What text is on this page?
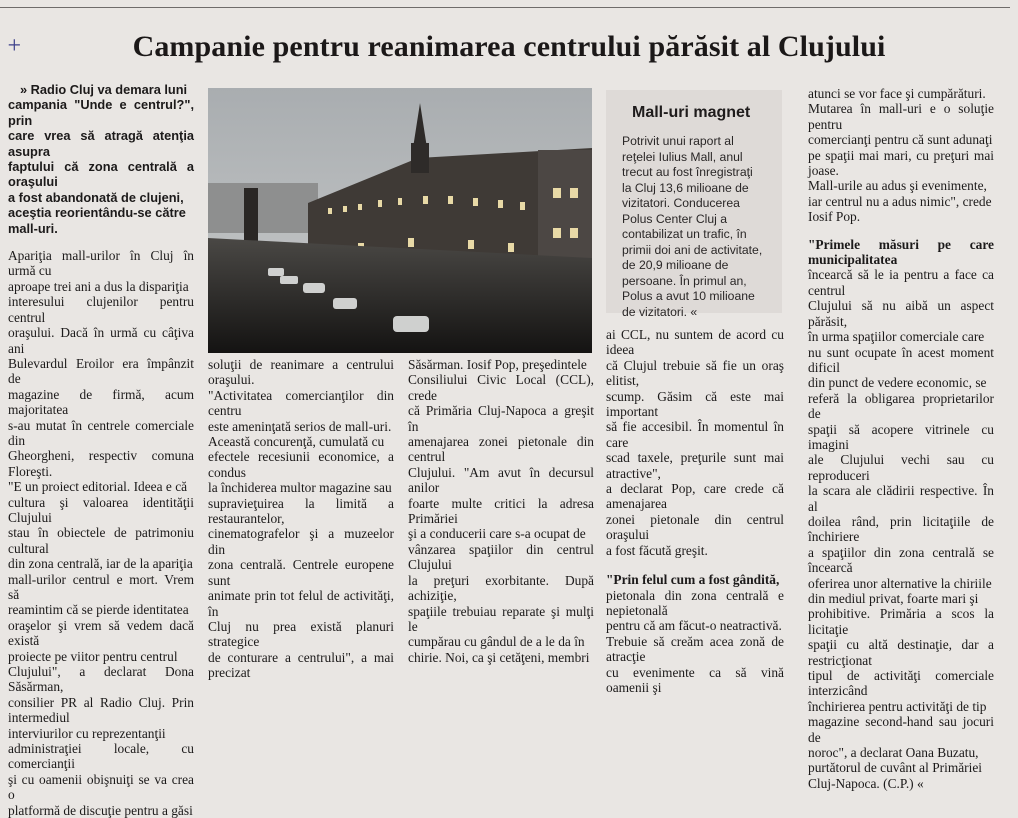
+	Campanie pentru reanimarea centrului părăsit al Clujului
» Radio Cluj va demara luni
campania "Unde e centrul?", prin
care vrea să atragă atenţia asupra
faptului că zona centrală a oraşului
a fost abandonată de clujeni,
aceştia reorientându-se către
mall-uri.
Apariţia mall-urilor în Cluj în urmă cu
aproape trei ani a dus la dispariţia
interesului clujenilor pentru centrul
oraşului. Dacă în urmă cu câţiva ani
Bulevardul Eroilor era împânzit de
magazine de firmă, acum majoritatea
s-au mutat în centrele comerciale din
Gheorgheni, respectiv comuna Floreşti.
"E un proiect editorial. Ideea e că
cultura şi valoarea identităţii Clujului
stau în obiectele de patrimoniu cultural
din zona centrală, iar de la apariţia
mall-urilor centrul e mort. Vrem să
reamintim că se pierde identitatea
oraşelor şi vrem să vedem dacă există
proiecte pe viitor pentru centrul
Clujului", a declarat Dona Săsărman,
consilier PR al Radio Cluj. Prin intermediul
interviurilor cu reprezentanţii
administraţiei locale, cu comercianţii
şi cu oamenii obişnuiţi se va crea o
platformă de discuţie pentru a găsi
soluţii de reanimare a centrului oraşului.
"Activitatea comercianţilor din centru
este ameninţată serios de mall-uri.
Această concurenţă, cumulată cu
efectele recesiunii economice, a condus
la închiderea multor magazine sau
supravieţuirea la limită a restaurantelor,
cinematografelor şi a muzeelor din
zona centrală. Centrele europene sunt
animate prin tot felul de activităţi, în
Cluj nu prea există planuri strategice
de conturare a centrului", a mai precizat
Săsărman. Iosif Pop, preşedintele
Consiliului Civic Local (CCL), crede
că Primăria Cluj-Napoca a greşit în
amenajarea zonei pietonale din centrul
Clujului. "Am avut în decursul anilor
foarte multe critici la adresa Primăriei
şi a conducerii care s-a ocupat de
vânzarea spaţiilor din centrul Clujului
la preţuri exorbitante. După achiziţie,
spaţiile trebuiau reparate şi mulţi le
cumpărau cu gândul de a le da în
chirie. Noi, ca şi cetăţeni, membri
Mall-uri magnet
Potrivit unui raport al
reţelei Iulius Mall, anul
trecut au fost înregistraţi
la Cluj 13,6 milioane de
vizitatori. Conducerea
Polus Center Cluj a
contabilizat un trafic, în
primii doi ani de activitate,
de 20,9 milioane de
persoane. În primul an,
Polus a avut 10 milioane
de vizitatori. «
ai CCL, nu suntem de acord cu ideea
că Clujul trebuie să fie un oraş elitist,
scump. Găsim că este mai important
să fie accesibil. În momentul în care
scad taxele, preţurile sunt mai atractive",
a declarat Pop, care crede că amenajarea
zonei pietonale din centrul oraşului
a fost făcută greşit.
"Prin felul cum a fost gândită,
pietonala din zona centrală e nepietonală
pentru că am făcut-o neatractivă.
Trebuie să creăm acea zonă de atracţie
cu evenimente ca să vină oamenii şi
atunci se vor face şi cumpărături.
Mutarea în mall-uri e o soluţie pentru
comercianţi pentru că sunt adunaţi
pe spaţii mai mari, cu preţuri mai joase.
Mall-urile au adus şi evenimente,
iar centrul nu a adus nimic", crede
Iosif Pop.
"Primele măsuri pe care municipalitatea
încearcă să le ia pentru a face ca centrul
Clujului să nu aibă un aspect părăsit,
în urma spaţiilor comerciale care
nu sunt ocupate în acest moment dificil
din punct de vedere economic, se
referă la obligarea proprietarilor de
spaţii să acopere vitrinele cu imagini
ale Clujului vechi sau cu reproduceri
la scara ale clădirii respective. În al
doilea rând, prin licitaţiile de închiriere
a spaţiilor din zona centrală se încearcă
oferirea unor alternative la chiriile
din mediul privat, foarte mari şi
prohibitive. Primăria a scos la licitaţie
spaţii cu altă destinaţie, dar a restricţionat
tipul de activităţi comerciale interzicând
închirierea pentru activităţi de tip
magazine second-hand sau jocuri de
noroc", a declarat Oana Buzatu,
purtătorul de cuvânt al Primăriei
Cluj-Napoca. (C.P.) «
